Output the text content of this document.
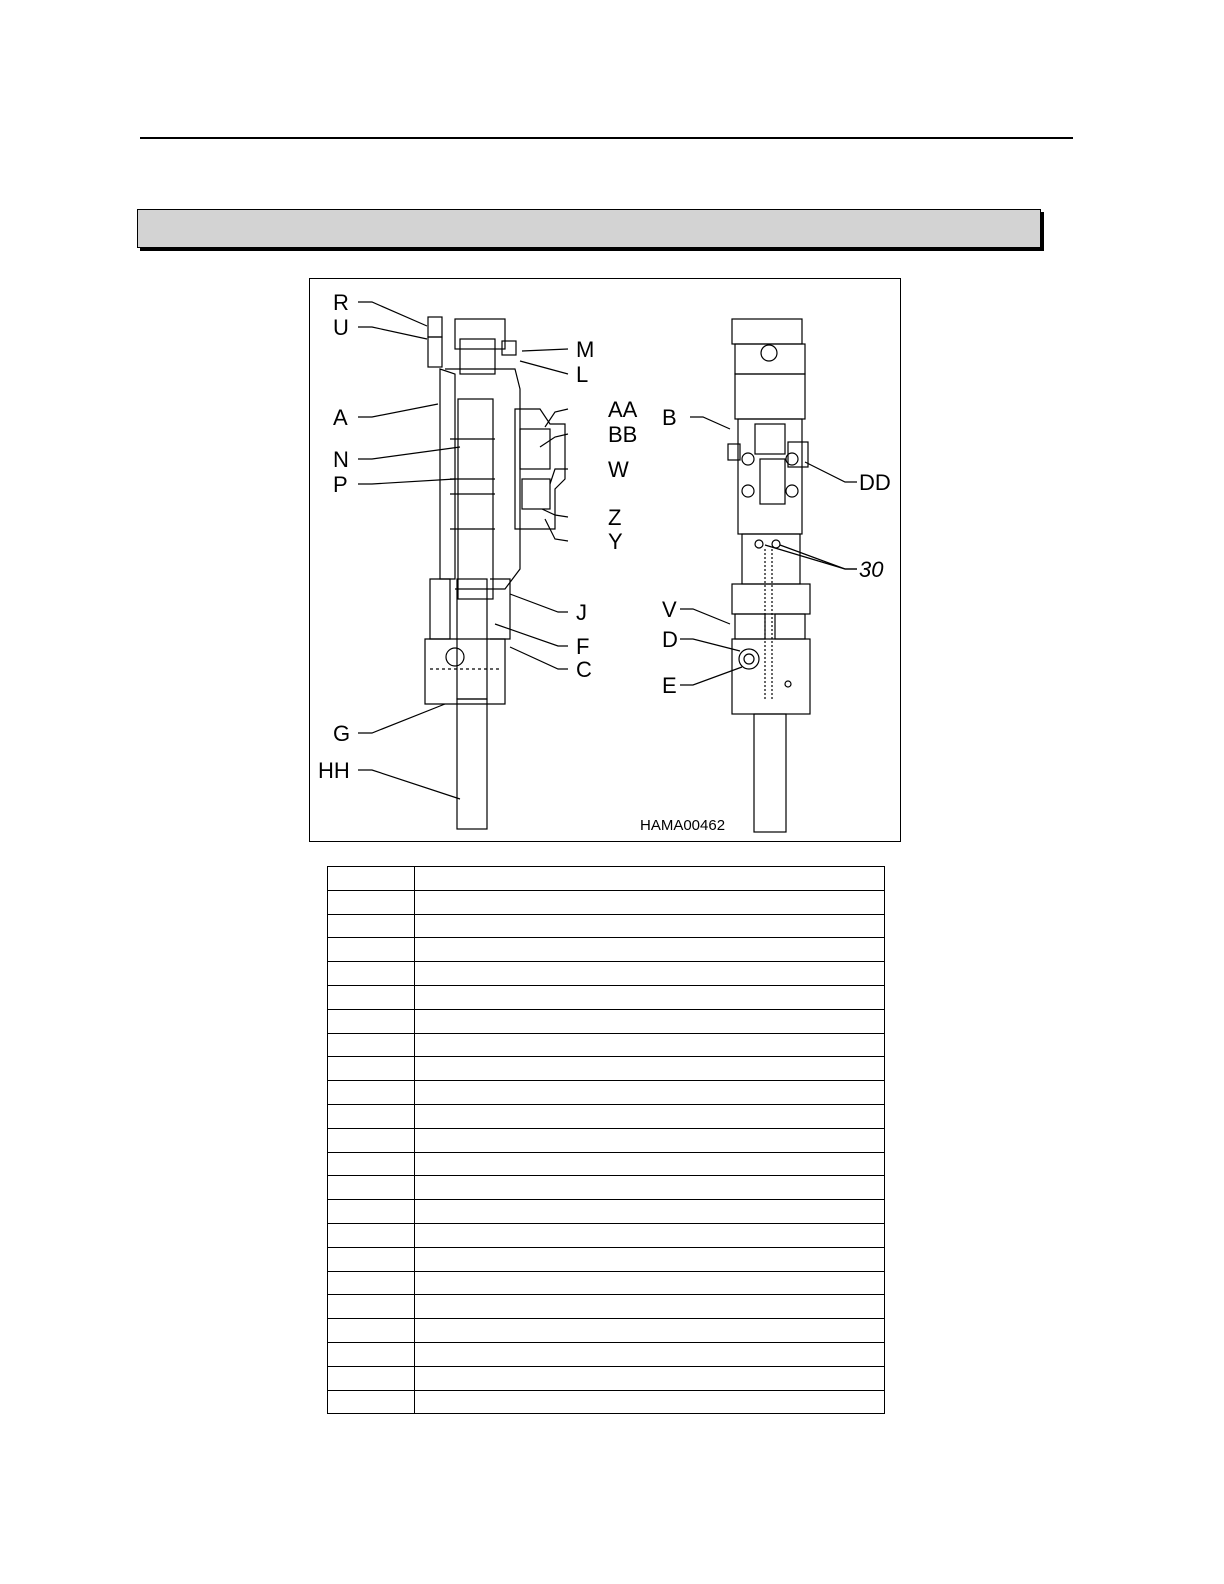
R
U
M
L
A	AA
BB
N	W
P
Z
Y
J
F
C
G
HH
B
DD
30
V
D
E
HAMA00462
